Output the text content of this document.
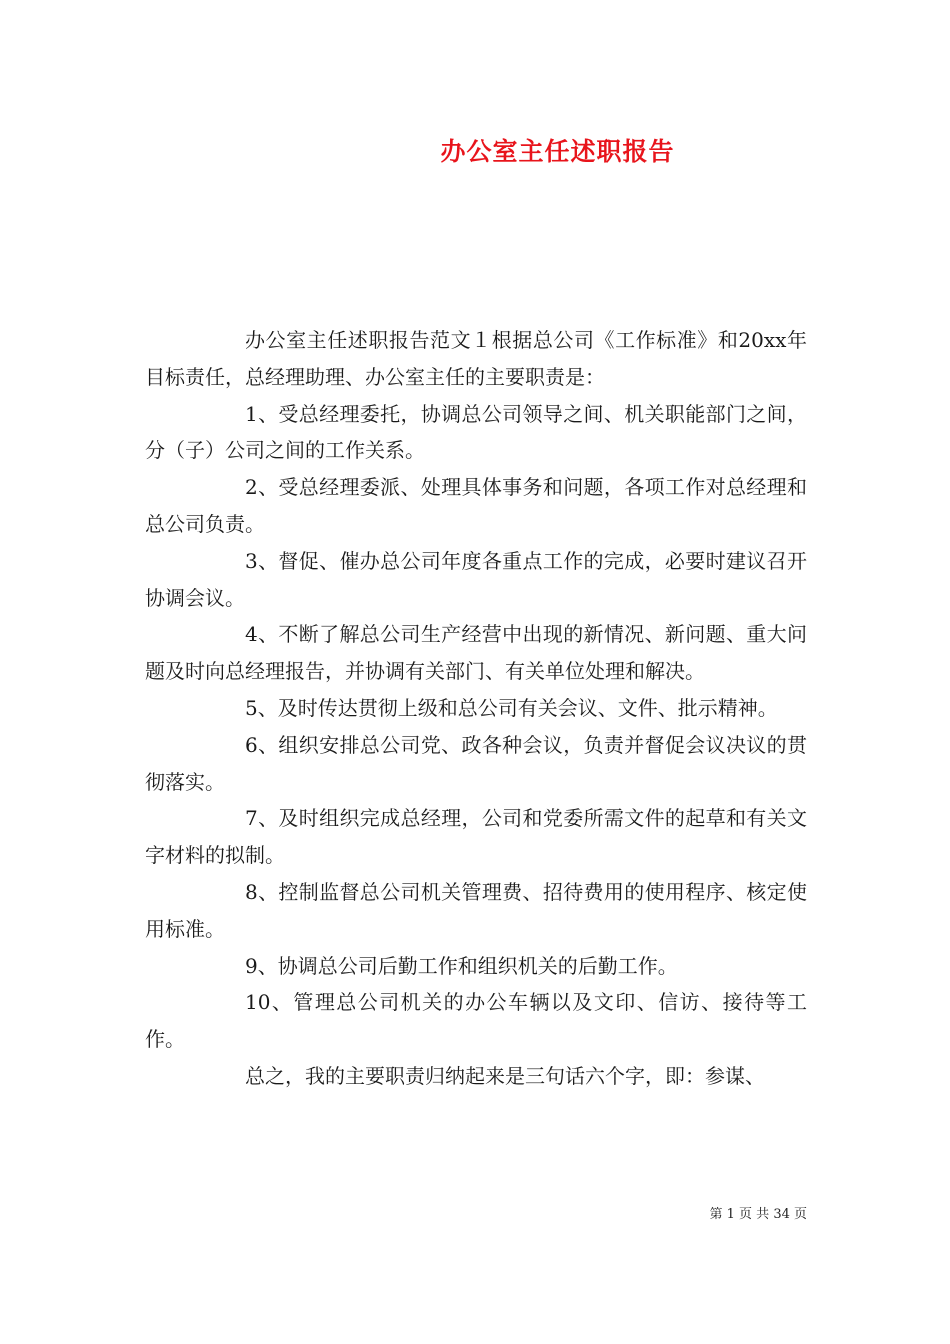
办公室主任述职报告

办公室主任述职报告范文１根据总公司《工作标准》和20xx年目标责任，总经理助理、办公室主任的主要职责是：

1、受总经理委托，协调总公司领导之间、机关职能部门之间，分（子）公司之间的工作关系。

2、受总经理委派、处理具体事务和问题，各项工作对总经理和总公司负责。

3、督促、催办总公司年度各重点工作的完成，必要时建议召开协调会议。

4、不断了解总公司生产经营中出现的新情况、新问题、重大问题及时向总经理报告，并协调有关部门、有关单位处理和解决。

5、及时传达贯彻上级和总公司有关会议、文件、批示精神。

6、组织安排总公司党、政各种会议，负责并督促会议决议的贯彻落实。

7、及时组织完成总经理，公司和党委所需文件的起草和有关文字材料的拟制。

8、控制监督总公司机关管理费、招待费用的使用程序、核定使用标准。

9、协调总公司后勤工作和组织机关的后勤工作。

10、管理总公司机关的办公车辆以及文印、信访、接待等工作。

总之，我的主要职责归纳起来是三句话六个字，即：参谋、

第 1 页 共 34 页
